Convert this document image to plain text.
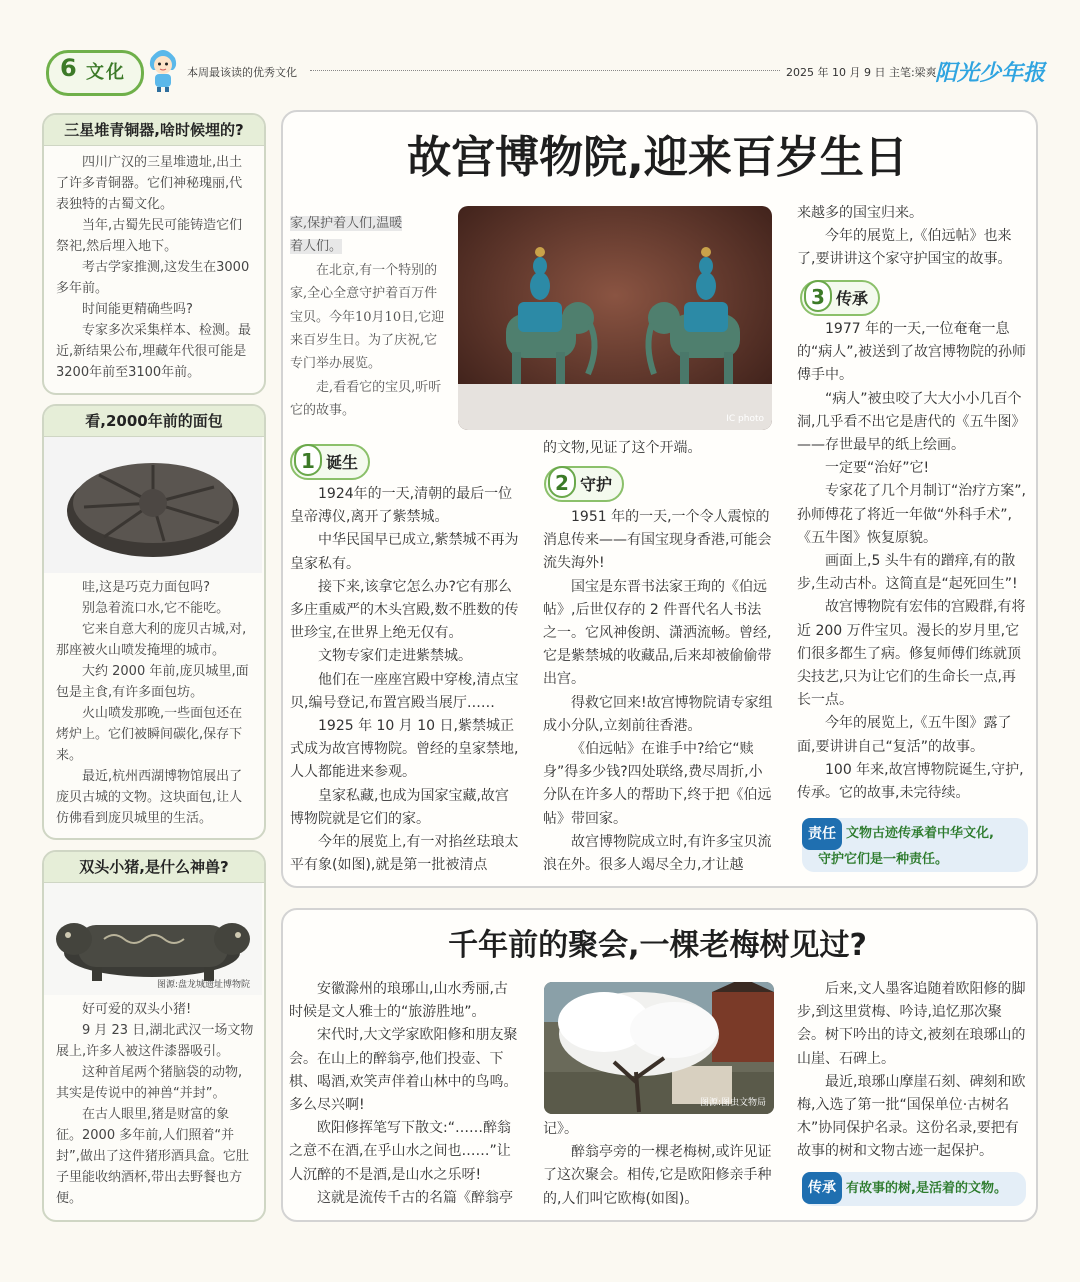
6 文化	本周最该读的优秀文化	2025 年 10 月 9 日 主笔:梁爽
阳光少年报
三星堆青铜器,啥时候埋的?

四川广汉的三星堆遗址,出土了许多青铜器。它们神秘瑰丽,代表独特的古蜀文化。

当年,古蜀先民可能铸造它们祭祀,然后埋入地下。

考古学家推测,这发生在3000多年前。

时间能更精确些吗?

专家多次采集样本、检测。最近,新结果公布,埋藏年代很可能是3200年前至3100年前。

看,2000年前的面包

哇,这是巧克力面包吗?

别急着流口水,它不能吃。

它来自意大利的庞贝古城,对,那座被火山喷发掩埋的城市。

大约 2000 年前,庞贝城里,面包是主食,有许多面包坊。

火山喷发那晚,一些面包还在烤炉上。它们被瞬间碳化,保存下来。

最近,杭州西湖博物馆展出了庞贝古城的文物。这块面包,让人仿佛看到庞贝城里的生活。

双头小猪,是什么神兽?
图源:盘龙城遗址博物院

好可爱的双头小猪!

9 月 23 日,湖北武汉一场文物展上,许多人被这件漆器吸引。

这种首尾两个猪脑袋的动物,其实是传说中的神兽“并封”。

在古人眼里,猪是财富的象征。2000 多年前,人们照着“并封”,做出了这件猪形酒具盒。它肚子里能收纳酒杯,带出去野餐也方便。

故宫博物院,迎来百岁生日

家,保护着人们,温暖

着人们。

在北京,有一个特别的家,全心全意守护着百万件宝贝。今年10月10日,它迎来百岁生日。为了庆祝,它专门举办展览。

走,看看它的宝贝,听听它的故事。

IC photo
1 诞生

1924年的一天,清朝的最后一位皇帝溥仪,离开了紫禁城。

中华民国早已成立,紫禁城不再为皇家私有。

接下来,该拿它怎么办?它有那么多庄重威严的木头宫殿,数不胜数的传世珍宝,在世界上绝无仅有。

文物专家们走进紫禁城。

他们在一座座宫殿中穿梭,清点宝贝,编号登记,布置宫殿当展厅……

1925 年 10 月 10 日,紫禁城正式成为故宫博物院。曾经的皇家禁地,人人都能进来参观。

皇家私藏,也成为国家宝藏,故宫博物院就是它们的家。

今年的展览上,有一对掐丝珐琅太平有象(如图),就是第一批被清点

的文物,见证了这个开端。

2 守护

1951 年的一天,一个令人震惊的消息传来——有国宝现身香港,可能会流失海外!

国宝是东晋书法家王珣的《伯远帖》,后世仅存的 2 件晋代名人书法之一。它风神俊朗、潇洒流畅。曾经,它是紫禁城的收藏品,后来却被偷偷带出宫。

得救它回来!故宫博物院请专家组成小分队,立刻前往香港。

《伯远帖》在谁手中?给它“赎身”得多少钱?四处联络,费尽周折,小分队在许多人的帮助下,终于把《伯远帖》带回家。

故宫博物院成立时,有许多宝贝流浪在外。很多人竭尽全力,才让越

来越多的国宝归来。

今年的展览上,《伯远帖》也来了,要讲讲这个家守护国宝的故事。

3 传承

1977 年的一天,一位奄奄一息的“病人”,被送到了故宫博物院的孙师傅手中。

“病人”被虫咬了大大小小几百个洞,几乎看不出它是唐代的《五牛图》——存世最早的纸上绘画。

一定要“治好”它!

专家花了几个月制订“治疗方案”,孙师傅花了将近一年做“外科手术”,《五牛图》恢复原貌。

画面上,5 头牛有的蹭痒,有的散步,生动古朴。这简直是“起死回生”!

故宫博物院有宏伟的宫殿群,有将近 200 万件宝贝。漫长的岁月里,它们很多都生了病。修复师傅们练就顶尖技艺,只为让它们的生命长一点,再长一点。

今年的展览上,《五牛图》露了面,要讲讲自己“复活”的故事。

100 年来,故宫博物院诞生,守护,传承。它的故事,未完待续。

责任 文物古迹传承着中华文化,
守护它们是一种责任。
千年前的聚会,一棵老梅树见过?

安徽滁州的琅琊山,山水秀丽,古时候是文人雅士的“旅游胜地”。

宋代时,大文学家欧阳修和朋友聚会。在山上的醉翁亭,他们投壶、下棋、喝酒,欢笑声伴着山林中的鸟鸣。多么尽兴啊!

欧阳修挥笔写下散文:“……醉翁之意不在酒,在乎山水之间也……”让人沉醉的不是酒,是山水之乐呀!

这就是流传千古的名篇《醉翁亭

图源:图虫文物局

记》。

醉翁亭旁的一棵老梅树,或许见证了这次聚会。相传,它是欧阳修亲手种的,人们叫它欧梅(如图)。

后来,文人墨客追随着欧阳修的脚步,到这里赏梅、吟诗,追忆那次聚会。树下吟出的诗文,被刻在琅琊山的山崖、石碑上。

最近,琅琊山摩崖石刻、碑刻和欧梅,入选了第一批“国保单位·古树名木”协同保护名录。这份名录,要把有故事的树和文物古迹一起保护。

传承 有故事的树,是活着的文物。
